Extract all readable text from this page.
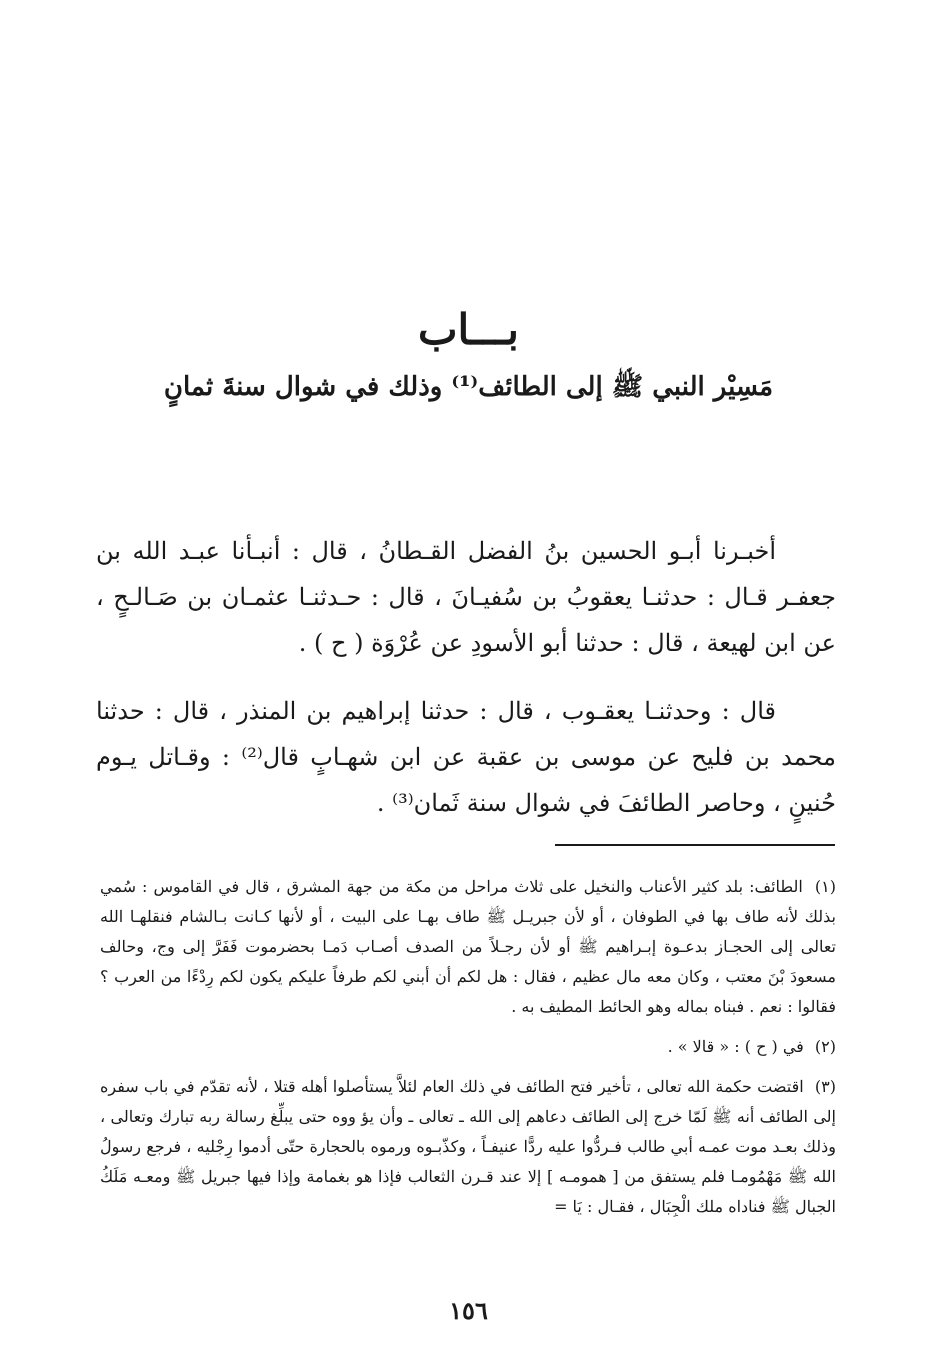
بـــاب
مَسِيْر النبي ﷺ إلى الطائف⁽¹⁾ وذلك في شوال سنةَ ثمانٍ

أخبـرنا أبـو الحسين بنُ الفضل القـطانُ ، قال : أنبـأنا عبـد الله بن جعفـر قـال : حدثنـا يعقوبُ بن سُفيـانَ ، قال : حـدثنـا عثمـان بن صَـالـحٍ ، عن ابن لهيعة ، قال : حدثنا أبو الأسودِ عن عُرْوَة ( ح ) .

قال : وحدثنـا يعقـوب ، قال : حدثنا إبراهيم بن المنذر ، قال : حدثنا محمد بن فليح عن موسى بن عقبة عن ابن شهـابٍ قال⁽²⁾ : وقـاتل يـوم حُنينٍ ، وحاصر الطائفَ في شوال سنة ثَمان⁽³⁾ .

(١) الطائف: بلد كثير الأعناب والنخيل على ثلاث مراحل من مكة من جهة المشرق ، قال في القاموس : سُمي بذلك لأنه طاف بها في الطوفان ، أو لأن جبريـل ﷺ طاف بهـا على البيت ، أو لأنها كـانت بـالشام فنقلهـا الله تعالى إلى الحجـاز بدعـوة إبـراهيم ﷺ أو لأن رجـلاً من الصدف أصـاب دَمـا بحضرموت فَفَرَّ إلى وج، وحالف مسعودَ بْنَ معتب ، وكان معه مال عظيم ، فقال : هل لكم أن أبني لكم طرفاً عليكم يكون لكم رِدْءًا من العرب ؟ فقالوا : نعم . فبناه بماله وهو الحائط المطيف به .

(٢) في ( ح ) : « قالا » .

(٣) اقتضت حكمة الله تعالى ، تأخير فتح الطائف في ذلك العام لئلاَّ يستأصلوا أهله قتلا ، لأنه تقدّم في باب سفره إلى الطائف أنه ﷺ لَمّا خرج إلى الطائف دعاهم إلى الله ـ تعالى ـ وأن يؤ ووه حتى يبلِّغ رسالة ربه تبارك وتعالى ، وذلك بعـد موت عمـه أبي طالب فـردُّوا عليه ردًّا عنيفـاً ، وكذّبـوه ورموه بالحجارة حتّى أدموا رِجْليه ، فرجع رسولُ الله ﷺ مَهْمُومـا فلم يستفق من [ همومـه ] إلا عند قـرن الثعالب فإذا هو بغمامة وإذا فيها جبريل ﷺ ومعـه مَلَكُ الجبال ﷺ فناداه ملك الْجِبَال ، فقـال : يَا =

١٥٦
